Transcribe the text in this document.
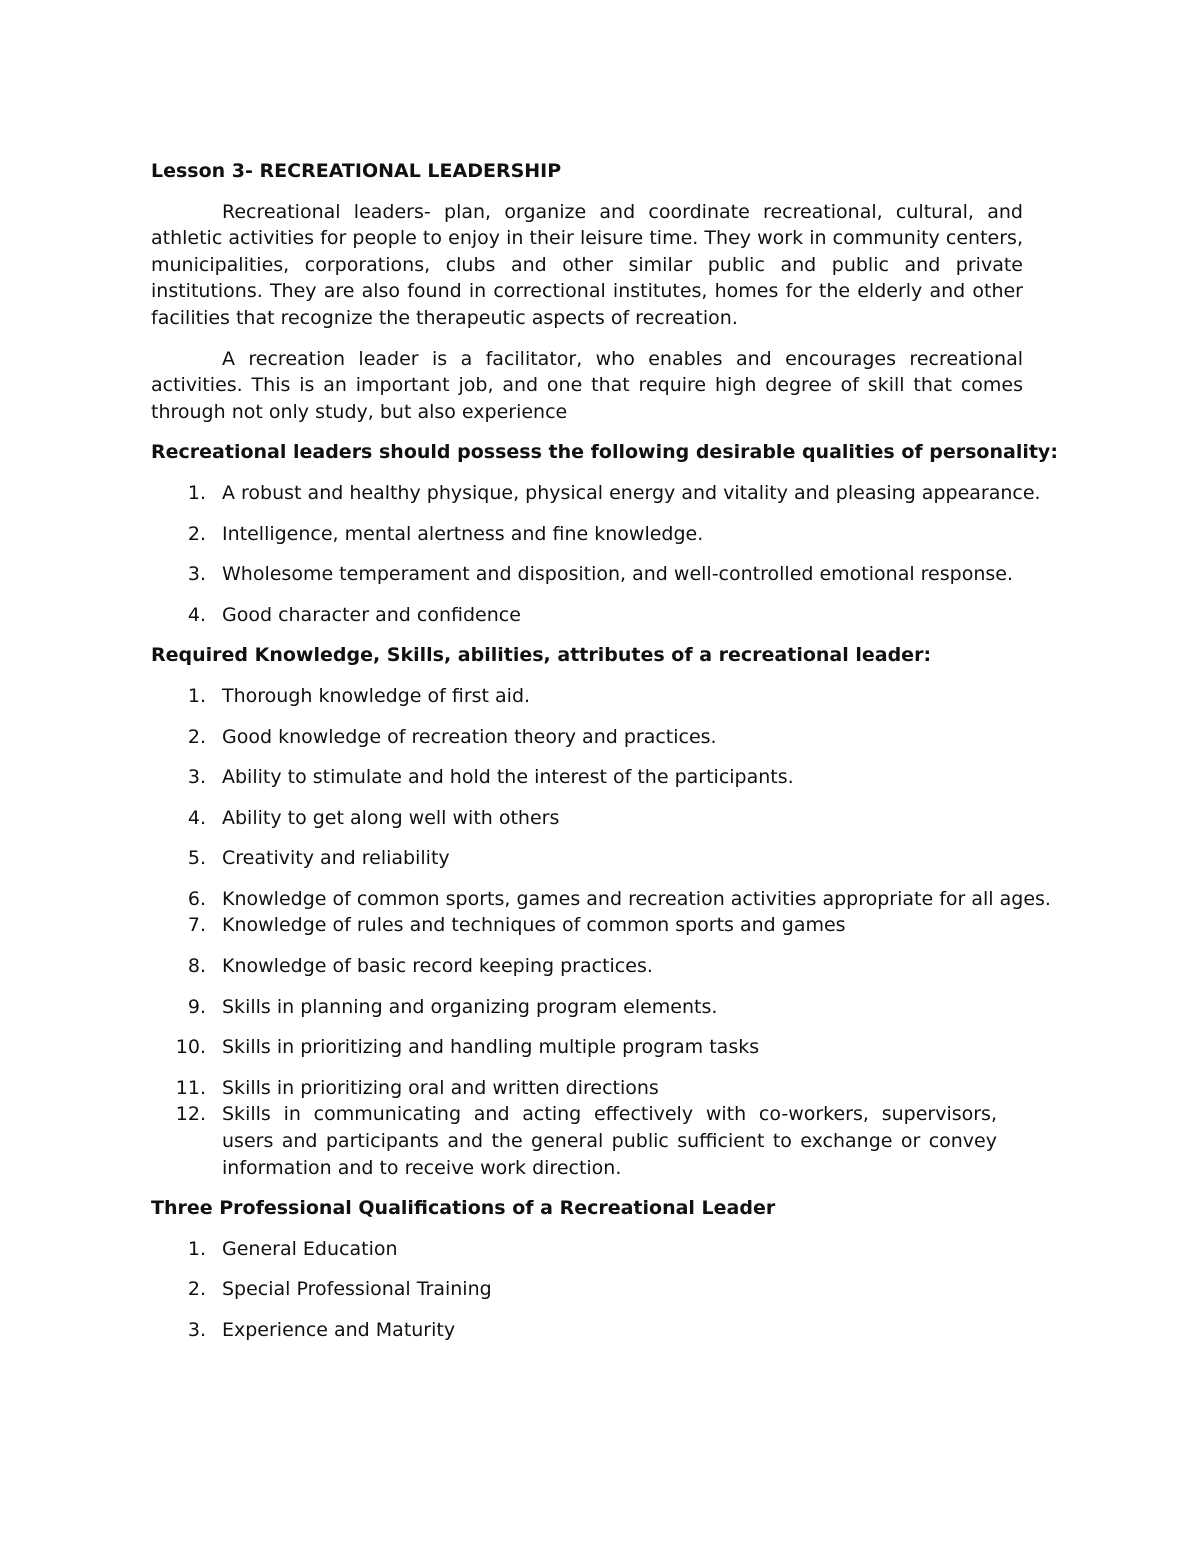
Lesson 3- RECREATIONAL LEADERSHIP

Recreational leaders- plan, organize and coordinate recreational, cultural, and athletic activities for people to enjoy in their leisure time. They work in community centers, municipalities, corporations, clubs and other similar public and public and private institutions. They are also found in correctional institutes, homes for the elderly and other facilities that recognize the therapeutic aspects of recreation.

A recreation leader is a facilitator, who enables and encourages recreational activities. This is an important job, and one that require high degree of skill that comes through not only study, but also experience

Recreational leaders should possess the following desirable qualities of personality:
1. A robust and healthy physique, physical energy and vitality and pleasing appearance.
2. Intelligence, mental alertness and fine knowledge.
3. Wholesome temperament and disposition, and well-controlled emotional response.
4. Good character and confidence
Required Knowledge, Skills, abilities, attributes of a recreational leader:
1. Thorough knowledge of first aid.
2. Good knowledge of recreation theory and practices.
3. Ability to stimulate and hold the interest of the participants.
4. Ability to get along well with others
5. Creativity and reliability
6. Knowledge of common sports, games and recreation activities appropriate for all ages.
7. Knowledge of rules and techniques of common sports and games
8. Knowledge of basic record keeping practices.
9. Skills in planning and organizing program elements.
10. Skills in prioritizing and handling multiple program tasks
11. Skills in prioritizing oral and written directions
12. Skills in communicating and acting effectively with co-workers, supervisors, users and participants and the general public sufficient to exchange or convey information and to receive work direction.
Three Professional Qualifications of a Recreational Leader
1. General Education
2. Special Professional Training
3. Experience and Maturity
